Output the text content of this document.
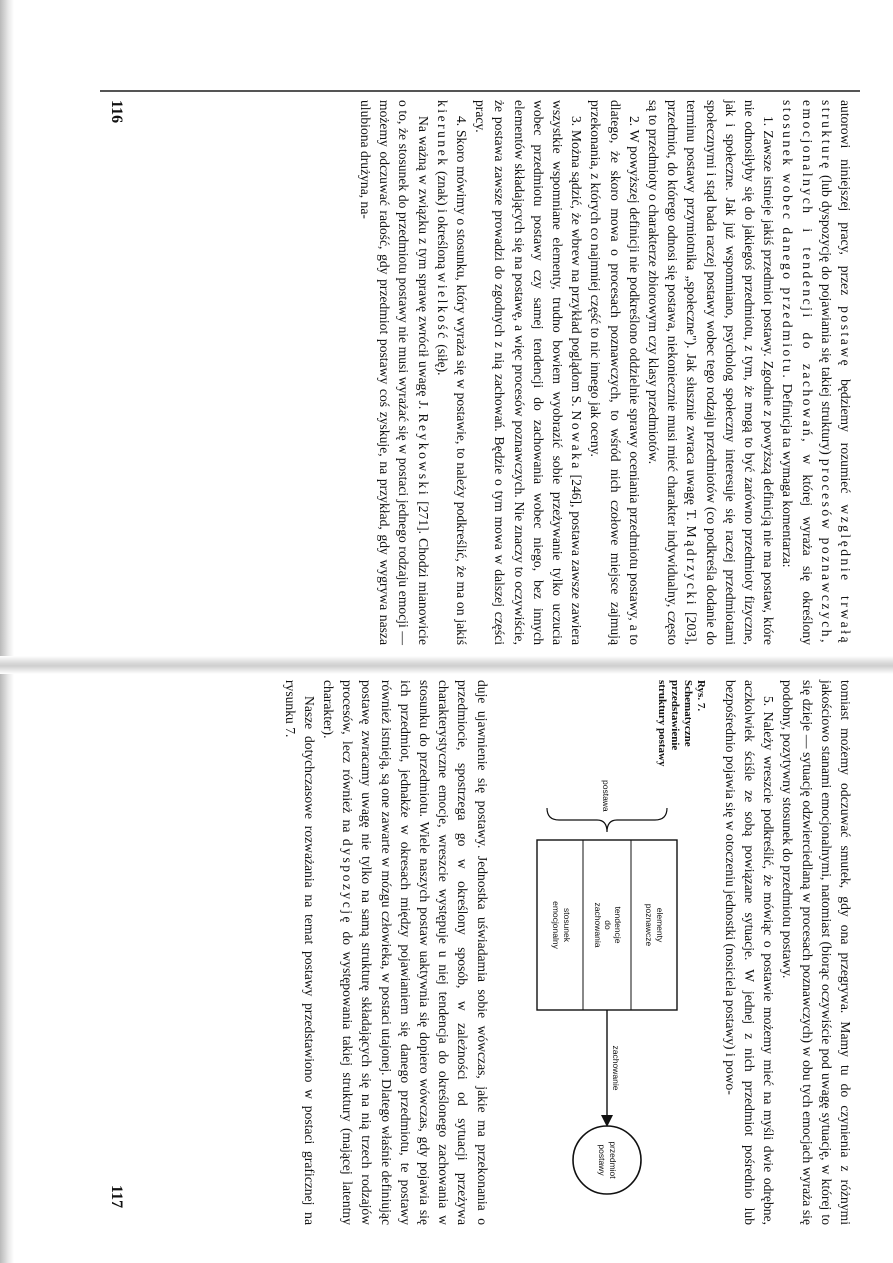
autorowi niniejszej pracy, przez postawę będziemy rozumieć względnie trwałą strukturę (lub dyspozycję do pojawiania się takiej struktury) procesów poznawczych, emocjonalnych i tendencji do zachowań, w której wyraża się określony stosunek wobec danego przedmiotu. Definicja ta wymaga komentarza:

1. Zawsze istnieje jakiś przedmiot postawy. Zgodnie z powyższą definicją nie ma postaw, które nie odnosiłyby się do jakiegoś przedmiotu, z tym, że mogą to być zarówno przedmioty fizyczne, jak i społeczne. Jak już wspomniano, psycholog społeczny interesuje się raczej przedmiotami społecznymi i stąd bada raczej postawy wobec tego rodzaju przedmiotów (co podkreśla dodanie do terminu postawy przymiotnika „społeczne"). Jak słusznie zwraca uwagę T. Mądrzycki [203], przedmiot, do którego odnosi się postawa, niekoniecznie musi mieć charakter indywidualny, często są to przedmioty o charakterze zbiorowym czy klasy przedmiotów.

2. W powyższej definicji nie podkreślono oddzielnie sprawy oceniania przedmiotu postawy, a to dlatego, że skoro mowa o procesach poznawczych, to wśród nich czołowe miejsce zajmują przekonania, z których co najmniej część to nic innego jak oceny.

3. Można sądzić, że wbrew na przykład poglądom S. Nowaka [246], postawa zawsze zawiera wszystkie wspomniane elementy, trudno bowiem wyobrazić sobie przeżywanie tylko uczucia wobec przedmiotu postawy czy samej tendencji do zachowania wobec niego, bez innych elementów składających się na postawę, a więc procesów poznawczych. Nie znaczy to oczywiście, że postawa zawsze prowadzi do zgodnych z nią zachowań. Będzie o tym mowa w dalszej części pracy.

4. Skoro mówimy o stosunku, który wyraża się w postawie, to należy podkreślić, że ma on jakiś kierunek (znak) i określoną wielkość (siłę).

Na ważną w związku z tym sprawę zwrócił uwagę J. Reykowski [271]. Chodzi mianowicie o to, że stosunek do przedmiotu postawy nie musi wyrażać się w postaci jednego rodzaju emocji — możemy odczuwać radość, gdy przedmiot postawy coś zyskuje, na przykład, gdy wygrywa nasza ulubiona drużyna, na-

116

tomiast możemy odczuwać smutek, gdy ona przegrywa. Mamy tu do czynienia z różnymi jakościowo stanami emocjonalnymi, natomiast (biorąc oczywiście pod uwagę sytuację, w której to się dzieje — sytuację odzwierciedlaną w procesach poznawczych) w obu tych emocjach wyraża się podobny, pozytywny stosunek do przedmiotu postawy.

5. Należy wreszcie podkreślić, że mówiąc o postawie możemy mieć na myśli dwie odrębne, aczkolwiek ściśle ze sobą powiązane sytuacje. W jednej z nich przedmiot pośrednio lub bezpośrednio pojawia się w otoczeniu jednostki (nosiciela postawy) i powo-

Rys. 7. Schematyczne przedstawienie struktury postawy
postawa
elementy
poznawcze
tendencje
do
zachowania
stosunek
emocjonalny
zachowanie
przedmiot
postawy

duje ujawnienie się postawy. Jednostka uświadamia sobie wówczas, jakie ma przekonania o przedmiocie, spostrzega go w określony sposób, w zależności od sytuacji przeżywa charakterystyczne emocje, wreszcie występuje u niej tendencja do określonego zachowania w stosunku do przedmiotu. Wiele naszych postaw uaktywnia się dopiero wówczas, gdy pojawia się ich przedmiot, jednakże w okresach między pojawianiem się danego przedmiotu, te postawy również istnieją, są one zawarte w mózgu człowieka, w postaci utajonej. Dlatego właśnie definiując postawę zwracamy uwagę nie tylko na samą strukturę składających się na nią trzech rodzajów procesów, lecz również na dyspozycję do występowania takiej struktury (mającej latentny charakter).

Nasze dotychczasowe rozważania na temat postawy przedstawiono w postaci graficznej na rysunku 7.

117
